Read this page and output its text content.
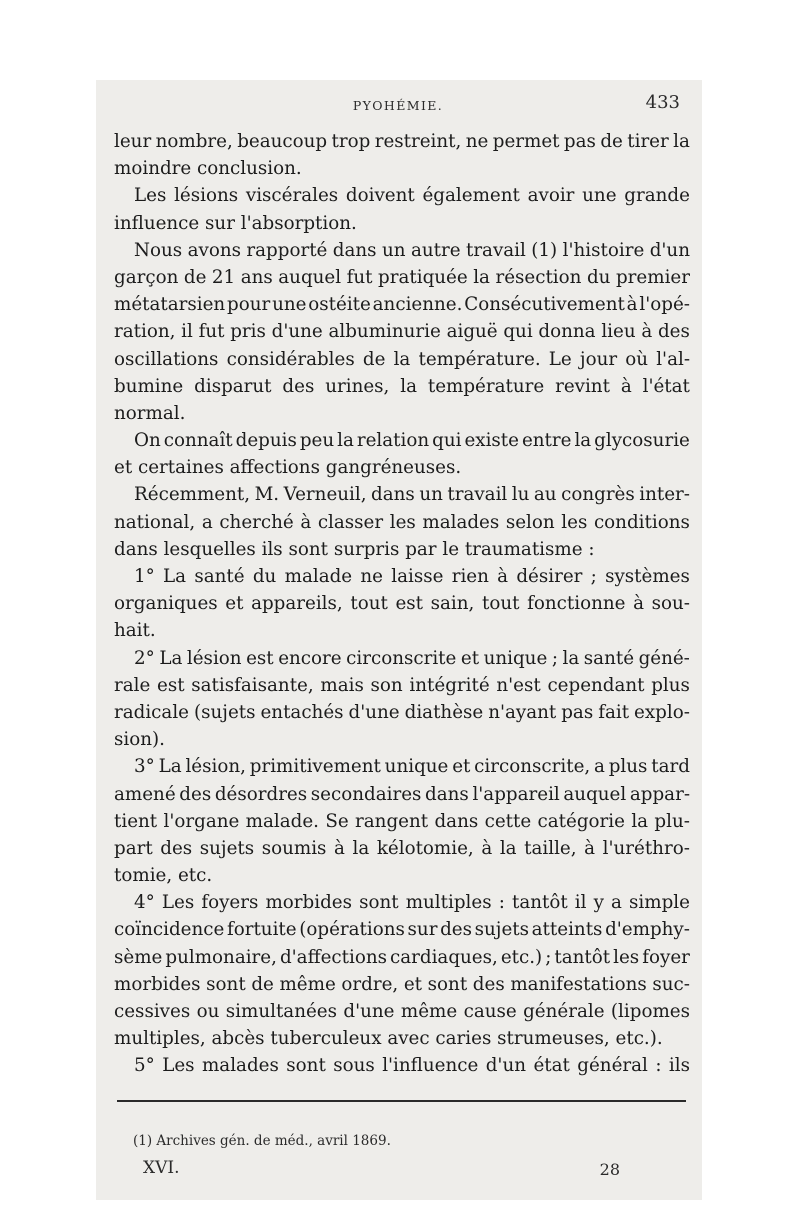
PYOHÉMIE.	433
leur nombre, beaucoup trop restreint, ne permet pas de tirer la
moindre conclusion.
Les lésions viscérales doivent également avoir une grande
influence sur l'absorption.
Nous avons rapporté dans un autre travail (1) l'histoire d'un
garçon de 21 ans auquel fut pratiquée la résection du premier
métatarsien pour une ostéite ancienne. Consécutivement à l'opé-
ration, il fut pris d'une albuminurie aiguë qui donna lieu à des
oscillations considérables de la température. Le jour où l'al-
bumine disparut des urines, la température revint à l'état
normal.
On connaît depuis peu la relation qui existe entre la glycosurie
et certaines affections gangréneuses.
Récemment, M. Verneuil, dans un travail lu au congrès inter-
national, a cherché à classer les malades selon les conditions
dans lesquelles ils sont surpris par le traumatisme :
1° La santé du malade ne laisse rien à désirer ; systèmes
organiques et appareils, tout est sain, tout fonctionne à sou-
hait.
2° La lésion est encore circonscrite et unique ; la santé géné-
rale est satisfaisante, mais son intégrité n'est cependant plus
radicale (sujets entachés d'une diathèse n'ayant pas fait explo-
sion).
3° La lésion, primitivement unique et circonscrite, a plus tard
amené des désordres secondaires dans l'appareil auquel appar-
tient l'organe malade. Se rangent dans cette catégorie la plu-
part des sujets soumis à la kélotomie, à la taille, à l'uréthro-
tomie, etc.
4° Les foyers morbides sont multiples : tantôt il y a simple
coïncidence fortuite (opérations sur des sujets atteints d'emphy-
sème pulmonaire, d'affections cardiaques, etc.) ; tantôt les foyer
morbides sont de même ordre, et sont des manifestations suc-
cessives ou simultanées d'une même cause générale (lipomes
multiples, abcès tuberculeux avec caries strumeuses, etc.).
5° Les malades sont sous l'influence d'un état général : ils
(1) Archives gén. de méd., avril 1869.
XVI.	28
